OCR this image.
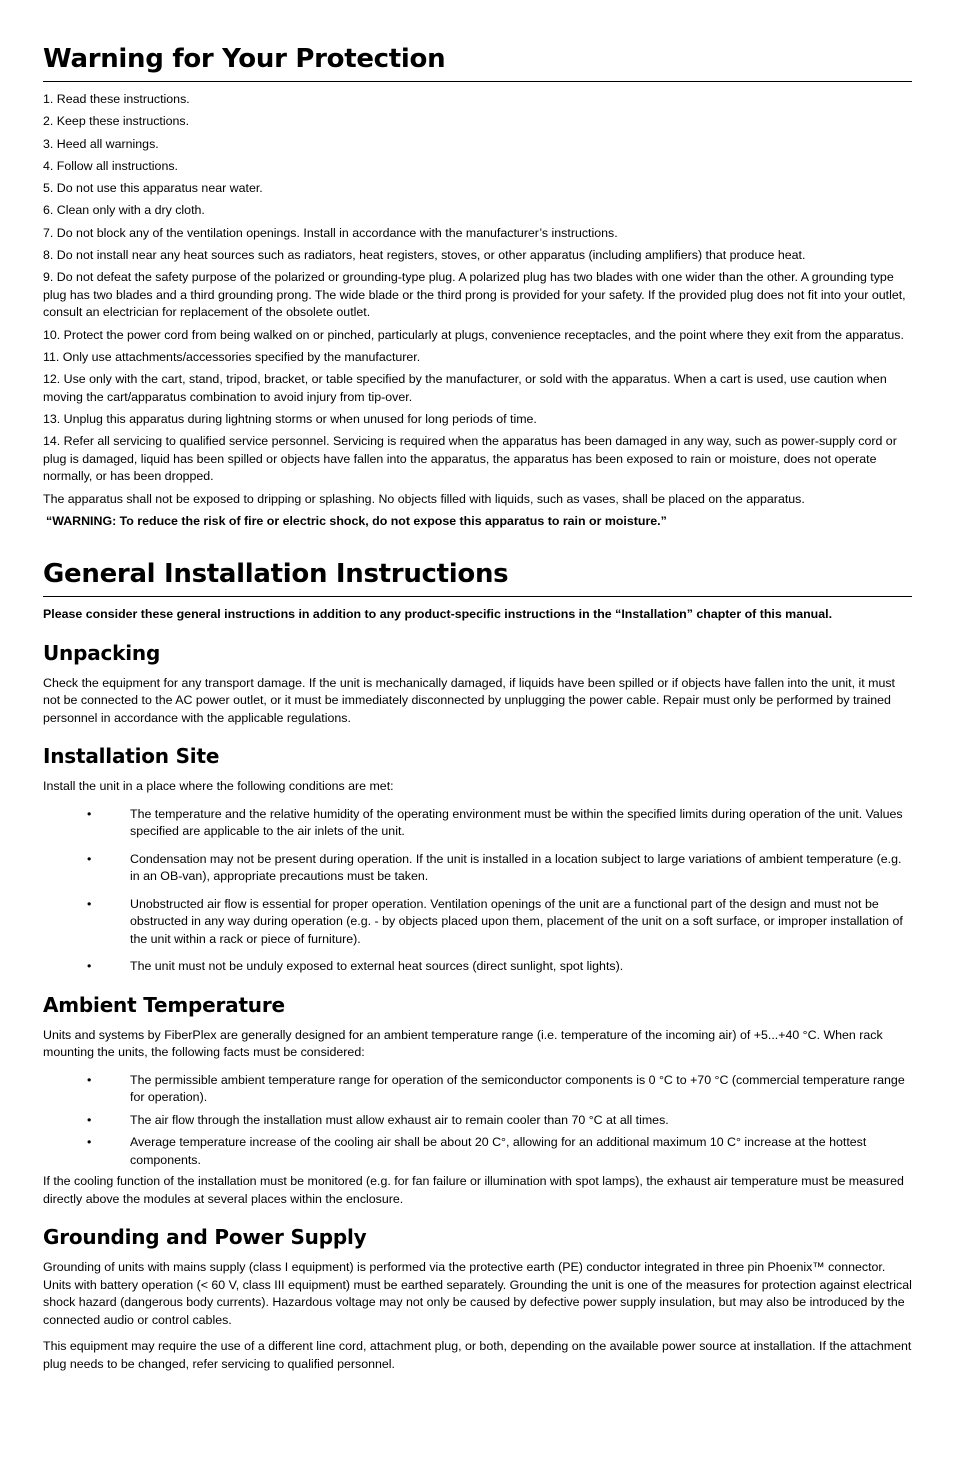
Warning for Your Protection

1. Read these instructions.

2. Keep these instructions.

3. Heed all warnings.

4. Follow all instructions.

5. Do not use this apparatus near water.

6. Clean only with a dry cloth.

7. Do not block any of the ventilation openings. Install in accordance with the manufacturer’s instructions.

8. Do not install near any heat sources such as radiators, heat registers, stoves, or other apparatus (including amplifiers) that produce heat.

9. Do not defeat the safety purpose of the polarized or grounding-type plug. A polarized plug has two blades with one wider than the other. A grounding type plug has two blades and a third grounding prong. The wide blade or the third prong is provided for your safety. If the provided plug does not fit into your outlet, consult an electrician for replacement of the obsolete outlet.

10. Protect the power cord from being walked on or pinched, particularly at plugs, convenience receptacles, and the point where they exit from the apparatus.

11. Only use attachments/accessories specified by the manufacturer.

12. Use only with the cart, stand, tripod, bracket, or table specified by the manufacturer, or sold with the apparatus. When a cart is used, use caution when moving the cart/apparatus combination to avoid injury from tip-over.

13. Unplug this apparatus during lightning storms or when unused for long periods of time.

14. Refer all servicing to qualified service personnel. Servicing is required when the apparatus has been damaged in any way, such as power-supply cord or plug is damaged, liquid has been spilled or objects have fallen into the apparatus, the apparatus has been exposed to rain or moisture, does not operate normally, or has been dropped.

The apparatus shall not be exposed to dripping or splashing. No objects filled with liquids, such as vases, shall be placed on the apparatus.

“WARNING: To reduce the risk of fire or electric shock, do not expose this apparatus to rain or moisture.”

General Installation Instructions

Please consider these general instructions in addition to any product-specific instructions in the “Installation” chapter of this manual.

Unpacking

Check the equipment for any transport damage. If the unit is mechanically damaged, if liquids have been spilled or if objects have fallen into the unit, it must not be connected to the AC power outlet, or it must be immediately disconnected by unplugging the power cable. Repair must only be performed by trained personnel in accordance with the applicable regulations.

Installation Site

Install the unit in a place where the following conditions are met:

•	The temperature and the relative humidity of the operating environment must be within the specified limits during operation of the unit. Values specified are applicable to the air inlets of the unit.
•	Condensation may not be present during operation. If the unit is installed in a location subject to large variations of ambient temperature (e.g. in an OB-van), appropriate precautions must be taken.
•	Unobstructed air flow is essential for proper operation. Ventilation openings of the unit are a functional part of the design and must not be obstructed in any way during operation (e.g. - by objects placed upon them, placement of the unit on a soft surface, or improper installation of the unit within a rack or piece of furniture).
•	The unit must not be unduly exposed to external heat sources (direct sunlight, spot lights).
Ambient Temperature

Units and systems by FiberPlex are generally designed for an ambient temperature range (i.e. temperature of the incoming air) of +5...+40 °C. When rack mounting the units, the following facts must be considered:

•	The permissible ambient temperature range for operation of the semiconductor components is 0 °C to +70 °C (commercial temperature range for operation).
•	The air flow through the installation must allow exhaust air to remain cooler than 70 °C at all times.
•	Average temperature increase of the cooling air shall be about 20 C°, allowing for an additional maximum 10 C° increase at the hottest components.

If the cooling function of the installation must be monitored (e.g. for fan failure or illumination with spot lamps), the exhaust air temperature must be measured directly above the modules at several places within the enclosure.

Grounding and Power Supply

Grounding of units with mains supply (class I equipment) is performed via the protective earth (PE) conductor integrated in three pin Phoenix™ connector. Units with battery operation (< 60 V, class III equipment) must be earthed separately. Grounding the unit is one of the measures for protection against electrical shock hazard (dangerous body currents). Hazardous voltage may not only be caused by defective power supply insulation, but may also be introduced by the connected audio or control cables.

This equipment may require the use of a different line cord, attachment plug, or both, depending on the available power source at installation. If the attachment plug needs to be changed, refer servicing to qualified personnel.
